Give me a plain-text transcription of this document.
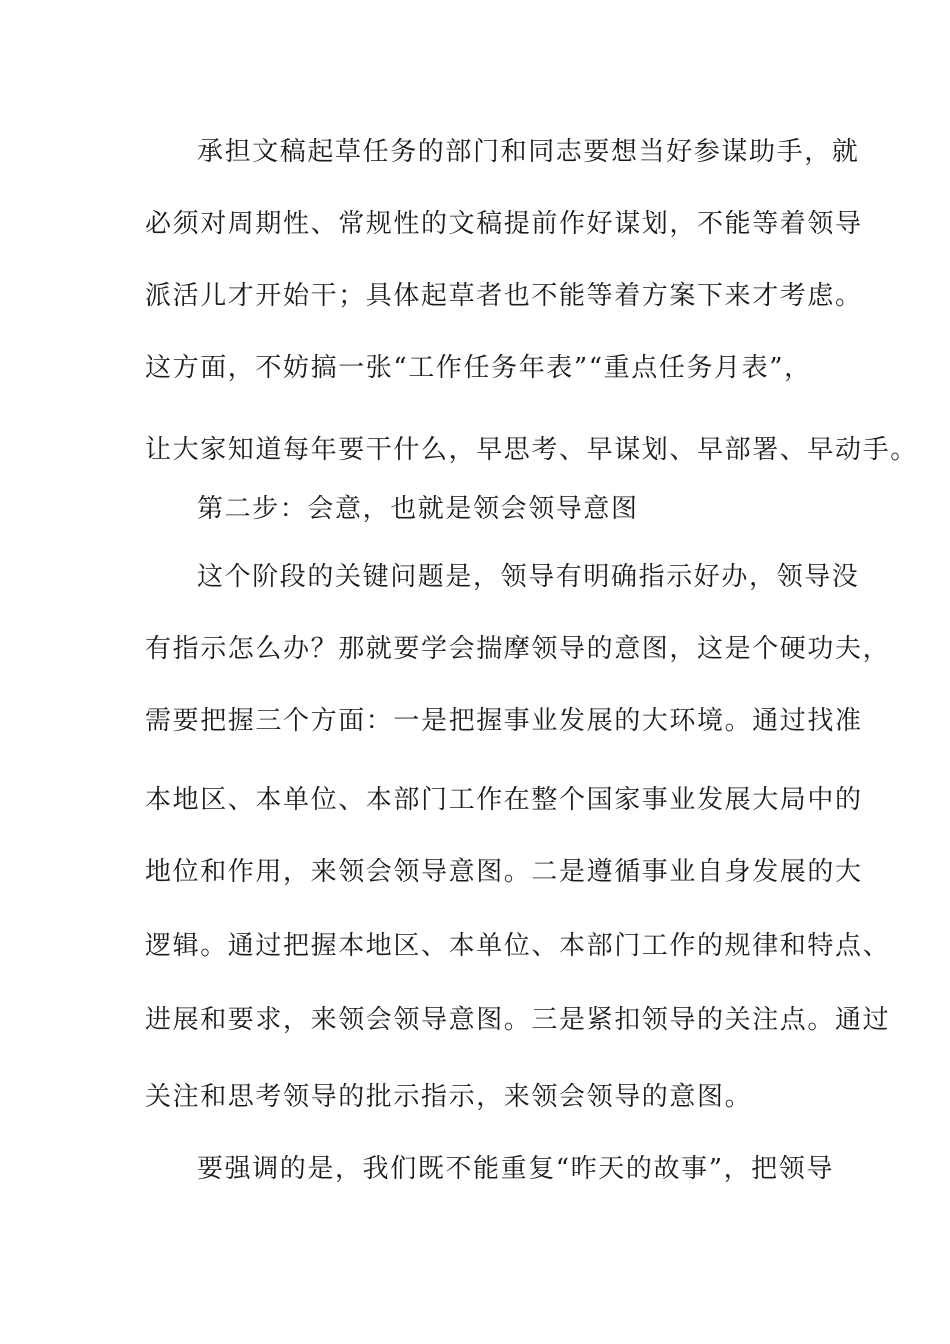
承担文稿起草任务的部门和同志要想当好参谋助手，就
必须对周期性、常规性的文稿提前作好谋划，不能等着领导
派活儿才开始干；具体起草者也不能等着方案下来才考虑。
这方面，不妨搞一张“工作任务年表”“重点任务月表”，
让大家知道每年要干什么，早思考、早谋划、早部署、早动手。
第二步：会意，也就是领会领导意图
这个阶段的关键问题是，领导有明确指示好办，领导没
有指示怎么办？那就要学会揣摩领导的意图，这是个硬功夫，
需要把握三个方面：一是把握事业发展的大环境。通过找准
本地区、本单位、本部门工作在整个国家事业发展大局中的
地位和作用，来领会领导意图。二是遵循事业自身发展的大
逻辑。通过把握本地区、本单位、本部门工作的规律和特点、
进展和要求，来领会领导意图。三是紧扣领导的关注点。通过
关注和思考领导的批示指示，来领会领导的意图。
要强调的是，我们既不能重复“昨天的故事”，把领导
